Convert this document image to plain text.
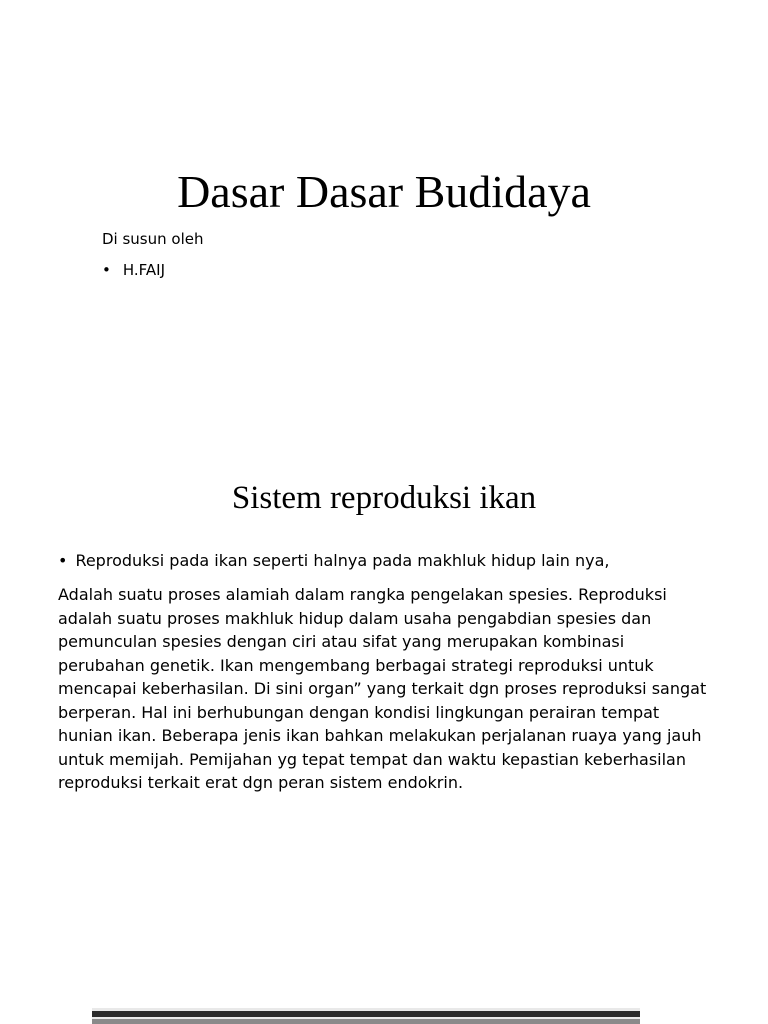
Dasar Dasar Budidaya
Di susun oleh
• H.FAIJ
Sistem reproduksi ikan
• Reproduksi pada ikan seperti halnya pada makhluk hidup lain nya,

Adalah suatu proses alamiah dalam rangka pengelakan spesies. Reproduksi adalah suatu proses makhluk hidup dalam usaha pengabdian spesies dan pemunculan spesies dengan ciri atau sifat yang merupakan kombinasi perubahan genetik. Ikan mengembang berbagai strategi reproduksi untuk mencapai keberhasilan. Di sini organ” yang terkait dgn proses reproduksi sangat berperan. Hal ini berhubungan dengan kondisi lingkungan perairan tempat hunian ikan. Beberapa jenis ikan bahkan melakukan perjalanan ruaya yang jauh untuk memijah. Pemijahan yg tepat tempat dan waktu kepastian keberhasilan reproduksi terkait erat dgn peran sistem endokrin.
